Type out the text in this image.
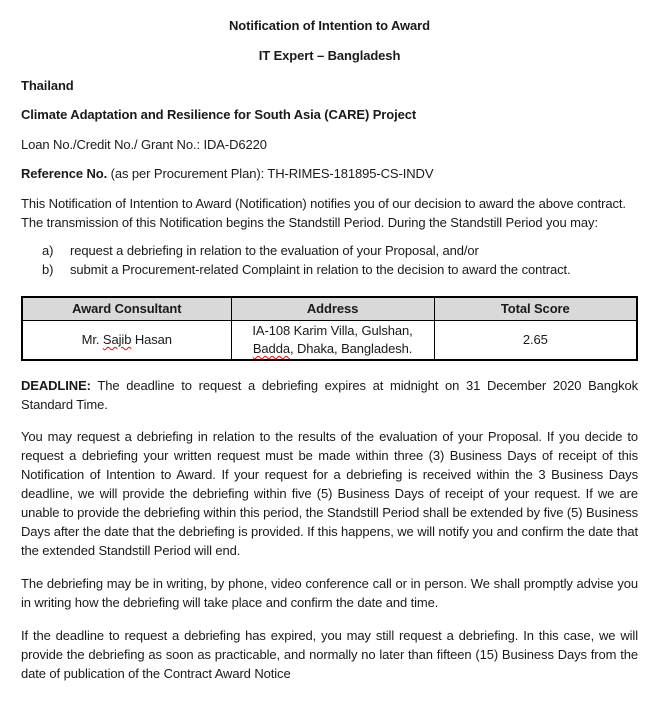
Notification of Intention to Award
IT Expert – Bangladesh
Thailand
Climate Adaptation and Resilience for South Asia (CARE) Project
Loan No./Credit No./ Grant No.: IDA-D6220
Reference No. (as per Procurement Plan): TH-RIMES-181895-CS-INDV
This Notification of Intention to Award (Notification) notifies you of our decision to award the above contract. The transmission of this Notification begins the Standstill Period. During the Standstill Period you may:
a)	request a debriefing in relation to the evaluation of your Proposal, and/or
b)	submit a Procurement-related Complaint in relation to the decision to award the contract.
Award Consultant	Address	Total Score
Mr. Sajib Hasan	IA-108 Karim Villa, Gulshan, Badda, Dhaka, Bangladesh.	2.65
DEADLINE: The deadline to request a debriefing expires at midnight on 31 December 2020 Bangkok Standard Time.
You may request a debriefing in relation to the results of the evaluation of your Proposal. If you decide to request a debriefing your written request must be made within three (3) Business Days of receipt of this Notification of Intention to Award. If your request for a debriefing is received within the 3 Business Days deadline, we will provide the debriefing within five (5) Business Days of receipt of your request. If we are unable to provide the debriefing within this period, the Standstill Period shall be extended by five (5) Business Days after the date that the debriefing is provided. If this happens, we will notify you and confirm the date that the extended Standstill Period will end.
The debriefing may be in writing, by phone, video conference call or in person. We shall promptly advise you in writing how the debriefing will take place and confirm the date and time.
If the deadline to request a debriefing has expired, you may still request a debriefing. In this case, we will provide the debriefing as soon as practicable, and normally no later than fifteen (15) Business Days from the date of publication of the Contract Award Notice
